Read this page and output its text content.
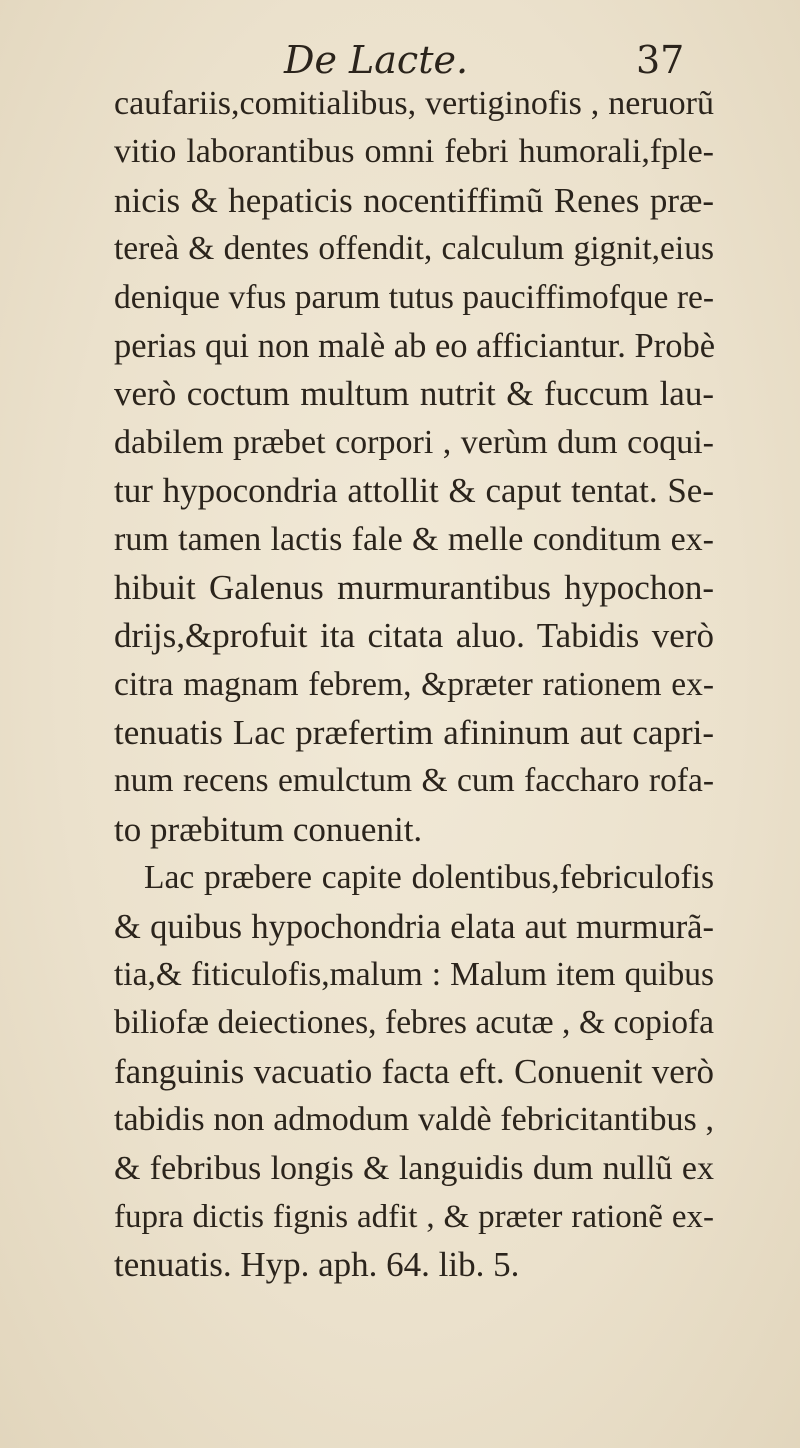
De Lacte.	37
caufariis,comitialibus, vertiginofis , neruorũ
vitio laborantibus omni febri humorali,fple-
nicis & hepaticis nocentiffimũ Renes præ-
tereà & dentes offendit, calculum gignit,eius
denique vfus parum tutus pauciffimofque re-
perias qui non malè ab eo afficiantur. Probè
verò coctum multum nutrit & fuccum lau-
dabilem præbet corpori , verùm dum coqui-
tur hypocondria attollit & caput tentat. Se-
rum tamen lactis fale & melle conditum ex-
hibuit Galenus murmurantibus hypochon-
drijs,&profuit ita citata aluo. Tabidis verò
citra magnam febrem, &præter rationem ex-
tenuatis Lac præfertim afininum aut capri-
num recens emulctum & cum faccharo rofa-
to præbitum conuenit.
Lac præbere capite dolentibus,febriculofis
& quibus hypochondria elata aut murmurã-
tia,& fiticulofis,malum : Malum item quibus
biliofæ deiectiones, febres acutæ , & copiofa
fanguinis vacuatio facta eft. Conuenit verò
tabidis non admodum valdè febricitantibus ,
& febribus longis & languidis dum nullũ ex
fupra dictis fignis adfit , & præter rationẽ ex-
tenuatis. Hyp. aph. 64. lib. 5.
